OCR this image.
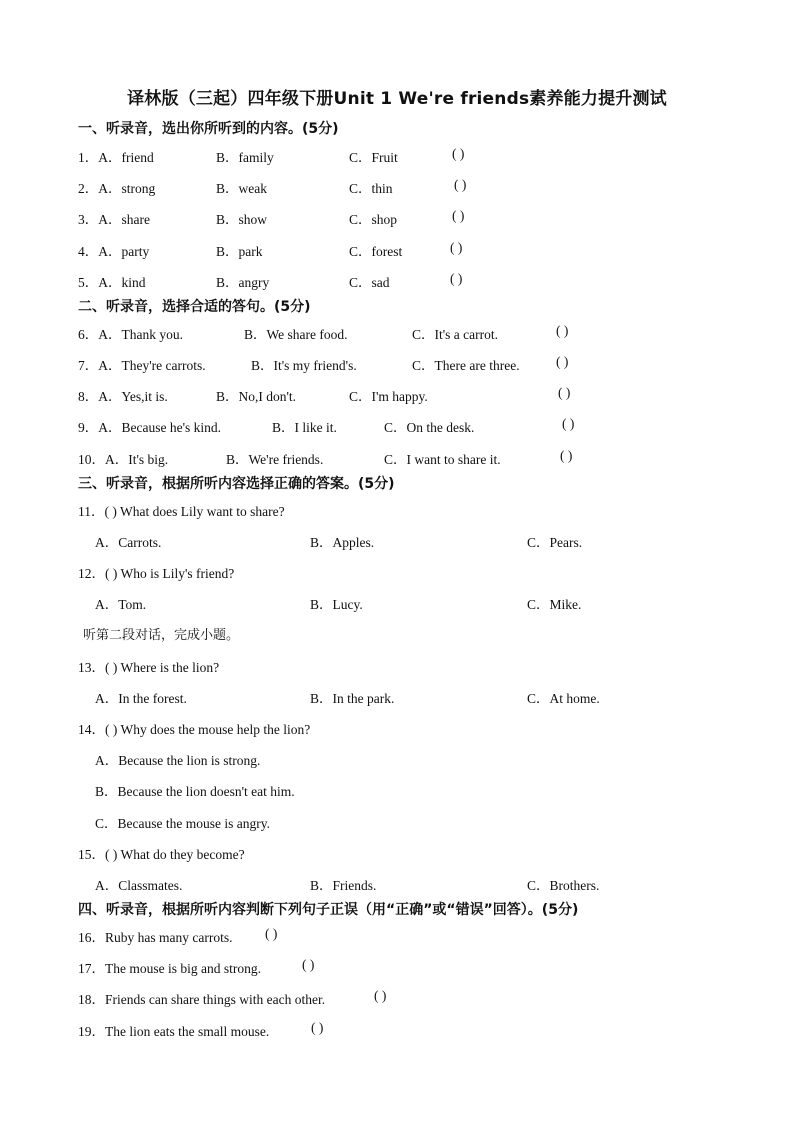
译林版（三起）四年级下册Unit 1 We're friends素养能力提升测试
一、听录音，选出你所听到的内容。(5分)
1．A．friend	B．family	C．Fruit	( )
2．A．strong	B．weak	C．thin	( )
3．A．share	B．show	C．shop	( )
4．A．party	B．park	C．forest	( )
5．A．kind	B．angry	C．sad	( )
二、听录音，选择合适的答句。(5分)
6．A．Thank you.	B．We share food.	C．It's a carrot.	( )
7．A．They're carrots.	B．It's my friend's.	C．There are three.	( )
8．A．Yes,it is.	B．No,I don't.	C．I'm happy.	( )
9．A．Because he's kind.	B．I like it.	C．On the desk.	( )
10．A．It's big.	B．We're friends.	C．I want to share it.	( )
三、听录音，根据所听内容选择正确的答案。(5分)
11．( ) What does Lily want to share?
A．Carrots.	B．Apples.	C．Pears.
12．( ) Who is Lily's friend?
A．Tom.	B．Lucy.	C．Mike.
听第二段对话，完成小题。
13．( ) Where is the lion?
A．In the forest.	B．In the park.	C．At home.
14．( ) Why does the mouse help the lion?
A．Because the lion is strong.
B．Because the lion doesn't eat him.
C．Because the mouse is angry.
15．( ) What do they become?
A．Classmates.	B．Friends.	C．Brothers.
四、听录音，根据所听内容判断下列句子正误（用“正确”或“错误”回答）。(5分)
16．Ruby has many carrots. ( )
17．The mouse is big and strong.	( )
18．Friends can share things with each other.	( )
19．The lion eats the small mouse.	( )
